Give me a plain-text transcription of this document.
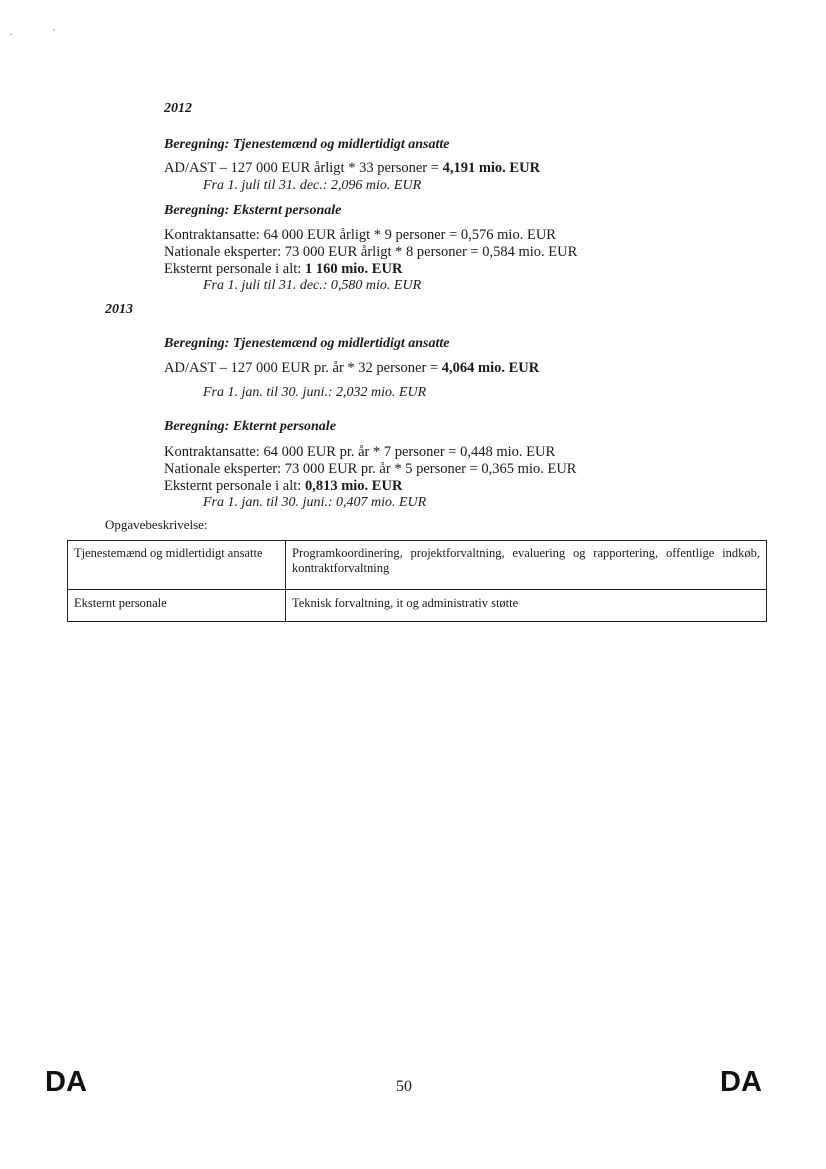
2012
Beregning: Tjenestemænd og midlertidigt ansatte
AD/AST – 127 000 EUR årligt * 33 personer = 4,191 mio. EUR
Fra 1. juli til 31. dec.: 2,096 mio. EUR
Beregning: Eksternt personale
Kontraktansatte: 64 000 EUR årligt * 9 personer = 0,576 mio. EUR
Nationale eksperter: 73 000 EUR årligt * 8 personer = 0,584 mio. EUR
Eksternt personale i alt: 1 160 mio. EUR
Fra 1. juli til 31. dec.: 0,580 mio. EUR
2013
Beregning: Tjenestemænd og midlertidigt ansatte
AD/AST – 127 000 EUR pr. år * 32 personer = 4,064 mio. EUR
Fra 1. jan. til 30. juni.: 2,032 mio. EUR
Beregning: Ekternt personale
Kontraktansatte: 64 000 EUR pr. år * 7 personer = 0,448 mio. EUR
Nationale eksperter: 73 000 EUR pr. år * 5 personer = 0,365 mio. EUR
Eksternt personale i alt: 0,813 mio. EUR
Fra 1. jan. til 30. juni.: 0,407 mio. EUR
Opgavebeskrivelse:
Tjenestemænd og midlertidigt ansatte	Programkoordinering, projektforvaltning, evaluering og rapportering, offentlige indkøb, kontraktforvaltning
Eksternt personale	Teknisk forvaltning, it og administrativ støtte
DA	50	DA
